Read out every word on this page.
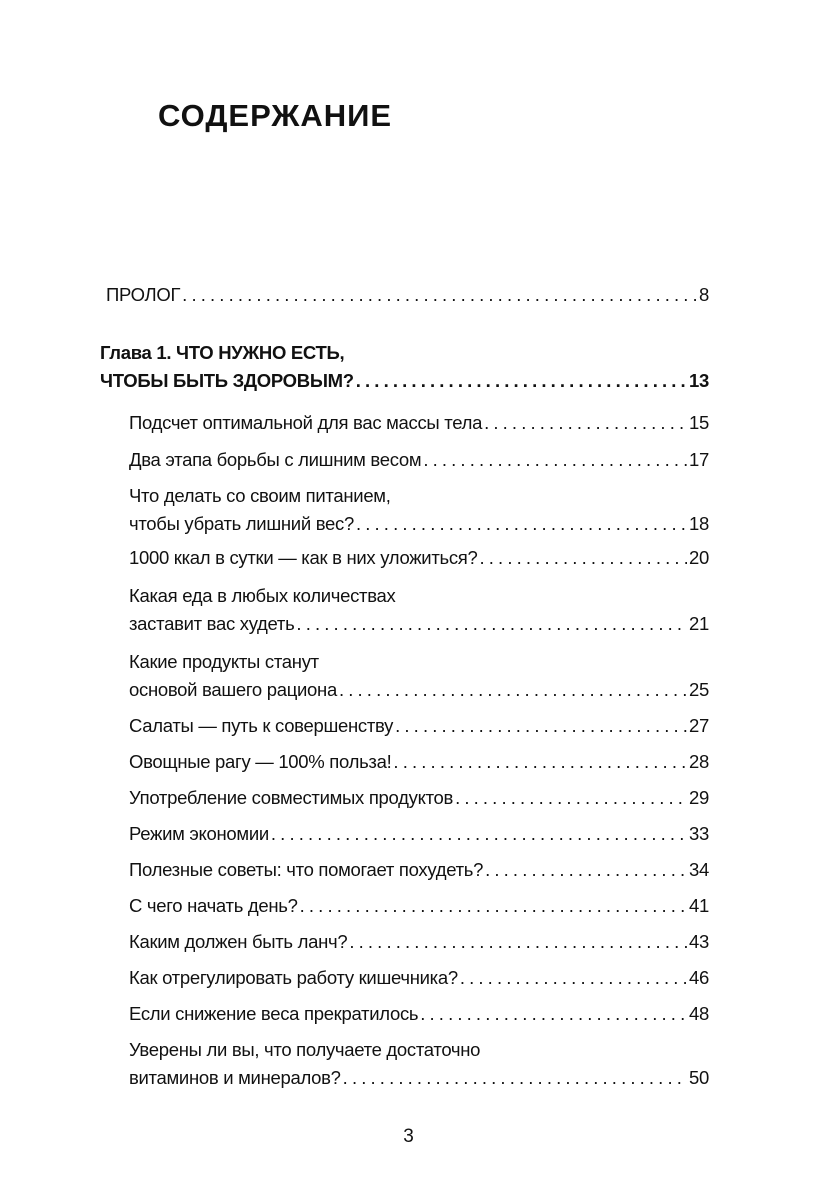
СОДЕРЖАНИЕ
ПРОЛОГ . . .	8
Глава 1. ЧТО НУЖНО ЕСТЬ,
ЧТОБЫ БЫТЬ ЗДОРОВЫМ? . . .	13
Подсчет оптимальной для вас массы тела . . .	15
Два этапа борьбы с лишним весом . . .	17
Что делать со своим питанием,
чтобы убрать лишний вес? . . .	18
1000 ккал в сутки — как в них уложиться? . . .	20
Какая еда в любых количествах
заставит вас худеть . . .	21
Какие продукты станут
основой вашего рациона . . .	25
Салаты — путь к совершенству . . .	27
Овощные рагу — 100% польза! . . .	28
Употребление совместимых продуктов . . .	29
Режим экономии . . .	33
Полезные советы: что помогает похудеть? . . .	34
С чего начать день? . . .	41
Каким должен быть ланч? . . .	43
Как отрегулировать работу кишечника? . . .	46
Если снижение веса прекратилось . . .	48
Уверены ли вы, что получаете достаточно
витаминов и минералов? . . .	50
3
